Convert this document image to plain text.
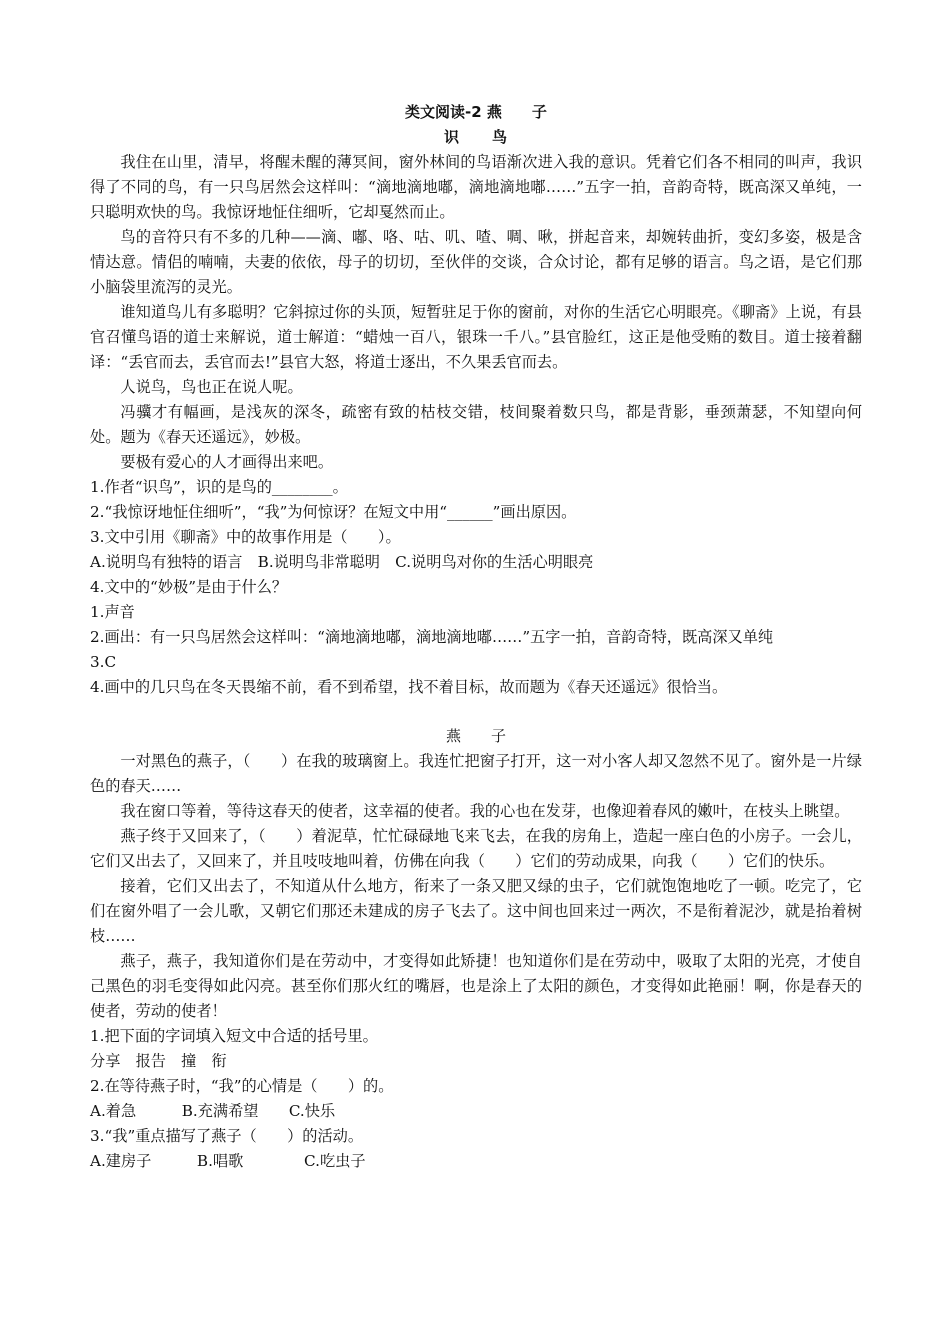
类文阅读-2 燕　　子
识　　鸟

我住在山里，清早，将醒未醒的薄冥间，窗外林间的鸟语渐次进入我的意识。凭着它们各不相同的叫声，我识得了不同的鸟，有一只鸟居然会这样叫：“滴地滴地嘟，滴地滴地嘟……”五字一拍，音韵奇特，既高深又单纯，一只聪明欢快的鸟。我惊讶地怔住细听，它却戛然而止。

鸟的音符只有不多的几种——滴、嘟、咯、咕、叽、喳、啁、啾，拼起音来，却婉转曲折，变幻多姿，极是含情达意。情侣的喃喃，夫妻的依依，母子的切切，至伙伴的交谈，合众讨论，都有足够的语言。鸟之语，是它们那小脑袋里流泻的灵光。

谁知道鸟儿有多聪明？它斜掠过你的头顶，短暂驻足于你的窗前，对你的生活它心明眼亮。《聊斋》上说，有县官召懂鸟语的道士来解说，道士解道：“蜡烛一百八，银珠一千八。”县官脸红，这正是他受贿的数目。道士接着翻译：“丢官而去，丢官而去!”县官大怒，将道士逐出，不久果丢官而去。

人说鸟，鸟也正在说人呢。

冯骥才有幅画，是浅灰的深冬，疏密有致的枯枝交错，枝间聚着数只鸟，都是背影，垂颈萧瑟，不知望向何处。题为《春天还遥远》，妙极。

要极有爱心的人才画得出来吧。

1.作者“识鸟”，识的是鸟的________。

2.“我惊讶地怔住细听”，“我”为何惊讶？在短文中用“______”画出原因。

3.文中引用《聊斋》中的故事作用是（　　）。

A.说明鸟有独特的语言　B.说明鸟非常聪明　C.说明鸟对你的生活心明眼亮

4.文中的“妙极”是由于什么？

1.声音

2.画出：有一只鸟居然会这样叫：“滴地滴地嘟，滴地滴地嘟……”五字一拍，音韵奇特，既高深又单纯

3.C

4.画中的几只鸟在冬天畏缩不前，看不到希望，找不着目标，故而题为《春天还遥远》很恰当。

燕　　子

一对黑色的燕子，（　　）在我的玻璃窗上。我连忙把窗子打开，这一对小客人却又忽然不见了。窗外是一片绿色的春天……

我在窗口等着，等待这春天的使者，这幸福的使者。我的心也在发芽，也像迎着春风的嫩叶，在枝头上眺望。

燕子终于又回来了，（　　）着泥草，忙忙碌碌地飞来飞去，在我的房角上，造起一座白色的小房子。一会儿，它们又出去了，又回来了，并且吱吱地叫着，仿佛在向我（　　）它们的劳动成果，向我（　　）它们的快乐。

接着，它们又出去了，不知道从什么地方，衔来了一条又肥又绿的虫子，它们就饱饱地吃了一顿。吃完了，它们在窗外唱了一会儿歌，又朝它们那还未建成的房子飞去了。这中间也回来过一两次，不是衔着泥沙，就是抬着树枝……

燕子，燕子，我知道你们是在劳动中，才变得如此矫捷！也知道你们是在劳动中，吸取了太阳的光亮，才使自己黑色的羽毛变得如此闪亮。甚至你们那火红的嘴唇，也是涂上了太阳的颜色，才变得如此艳丽！啊，你是春天的使者，劳动的使者！

1.把下面的字词填入短文中合适的括号里。

分享　报告　撞　衔

2.在等待燕子时，“我”的心情是（　　）的。

A.着急　　　B.充满希望　　C.快乐

3.“我”重点描写了燕子（　　）的活动。

A.建房子　　　B.唱歌　　　　C.吃虫子
